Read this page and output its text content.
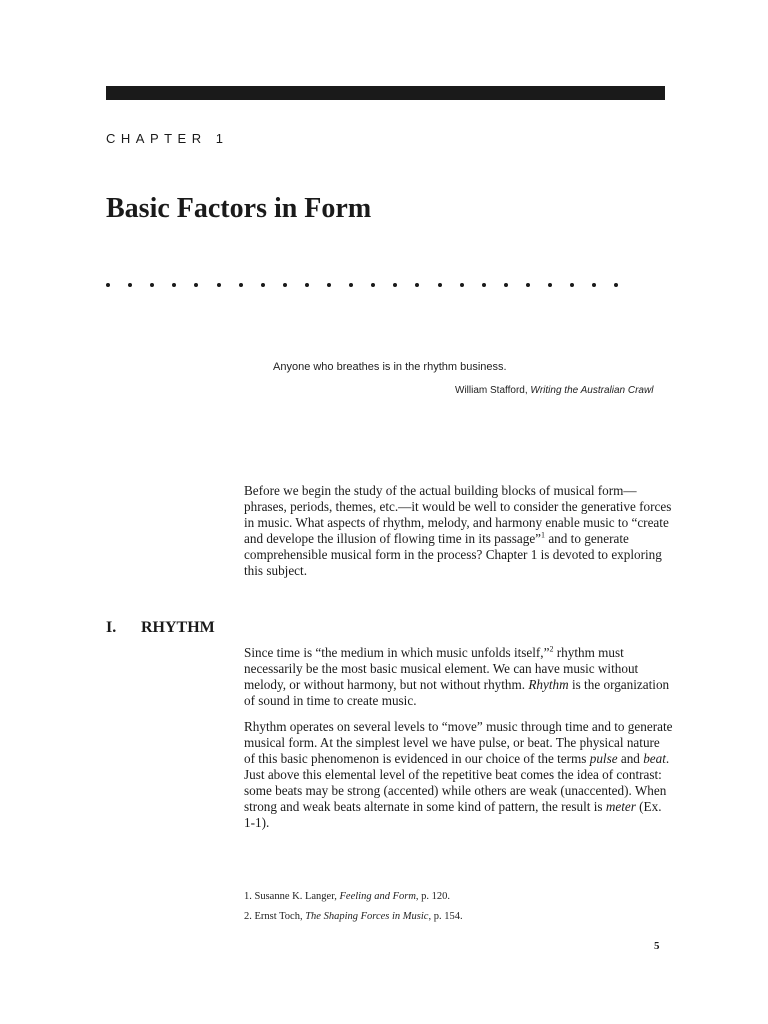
CHAPTER 1
Basic Factors in Form
Anyone who breathes is in the rhythm business.
William Stafford, Writing the Australian Crawl

Before we begin the study of the actual building blocks of musical form—phrases, periods, themes, etc.—it would be well to consider the generative forces in music. What aspects of rhythm, melody, and harmony enable music to “create and develope the illusion of flowing time in its passage”$^1$ and to generate comprehensible musical form in the process? Chapter 1 is devoted to exploring this subject.

I. RHYTHM

Since time is “the medium in which music unfolds itself,”$^2$ rhythm must necessarily be the most basic musical element. We can have music without melody, or without harmony, but not without rhythm. Rhythm is the organization of sound in time to create music.

Rhythm operates on several levels to “move” music through time and to generate musical form. At the simplest level we have pulse, or beat. The physical nature of this basic phenomenon is evidenced in our choice of the terms pulse and beat. Just above this elemental level of the repetitive beat comes the idea of contrast: some beats may be strong (accented) while others are weak (unaccented). When strong and weak beats alternate in some kind of pattern, the result is meter (Ex. 1-1).

1. Susanne K. Langer, Feeling and Form, p. 120.
2. Ernst Toch, The Shaping Forces in Music, p. 154.
5
